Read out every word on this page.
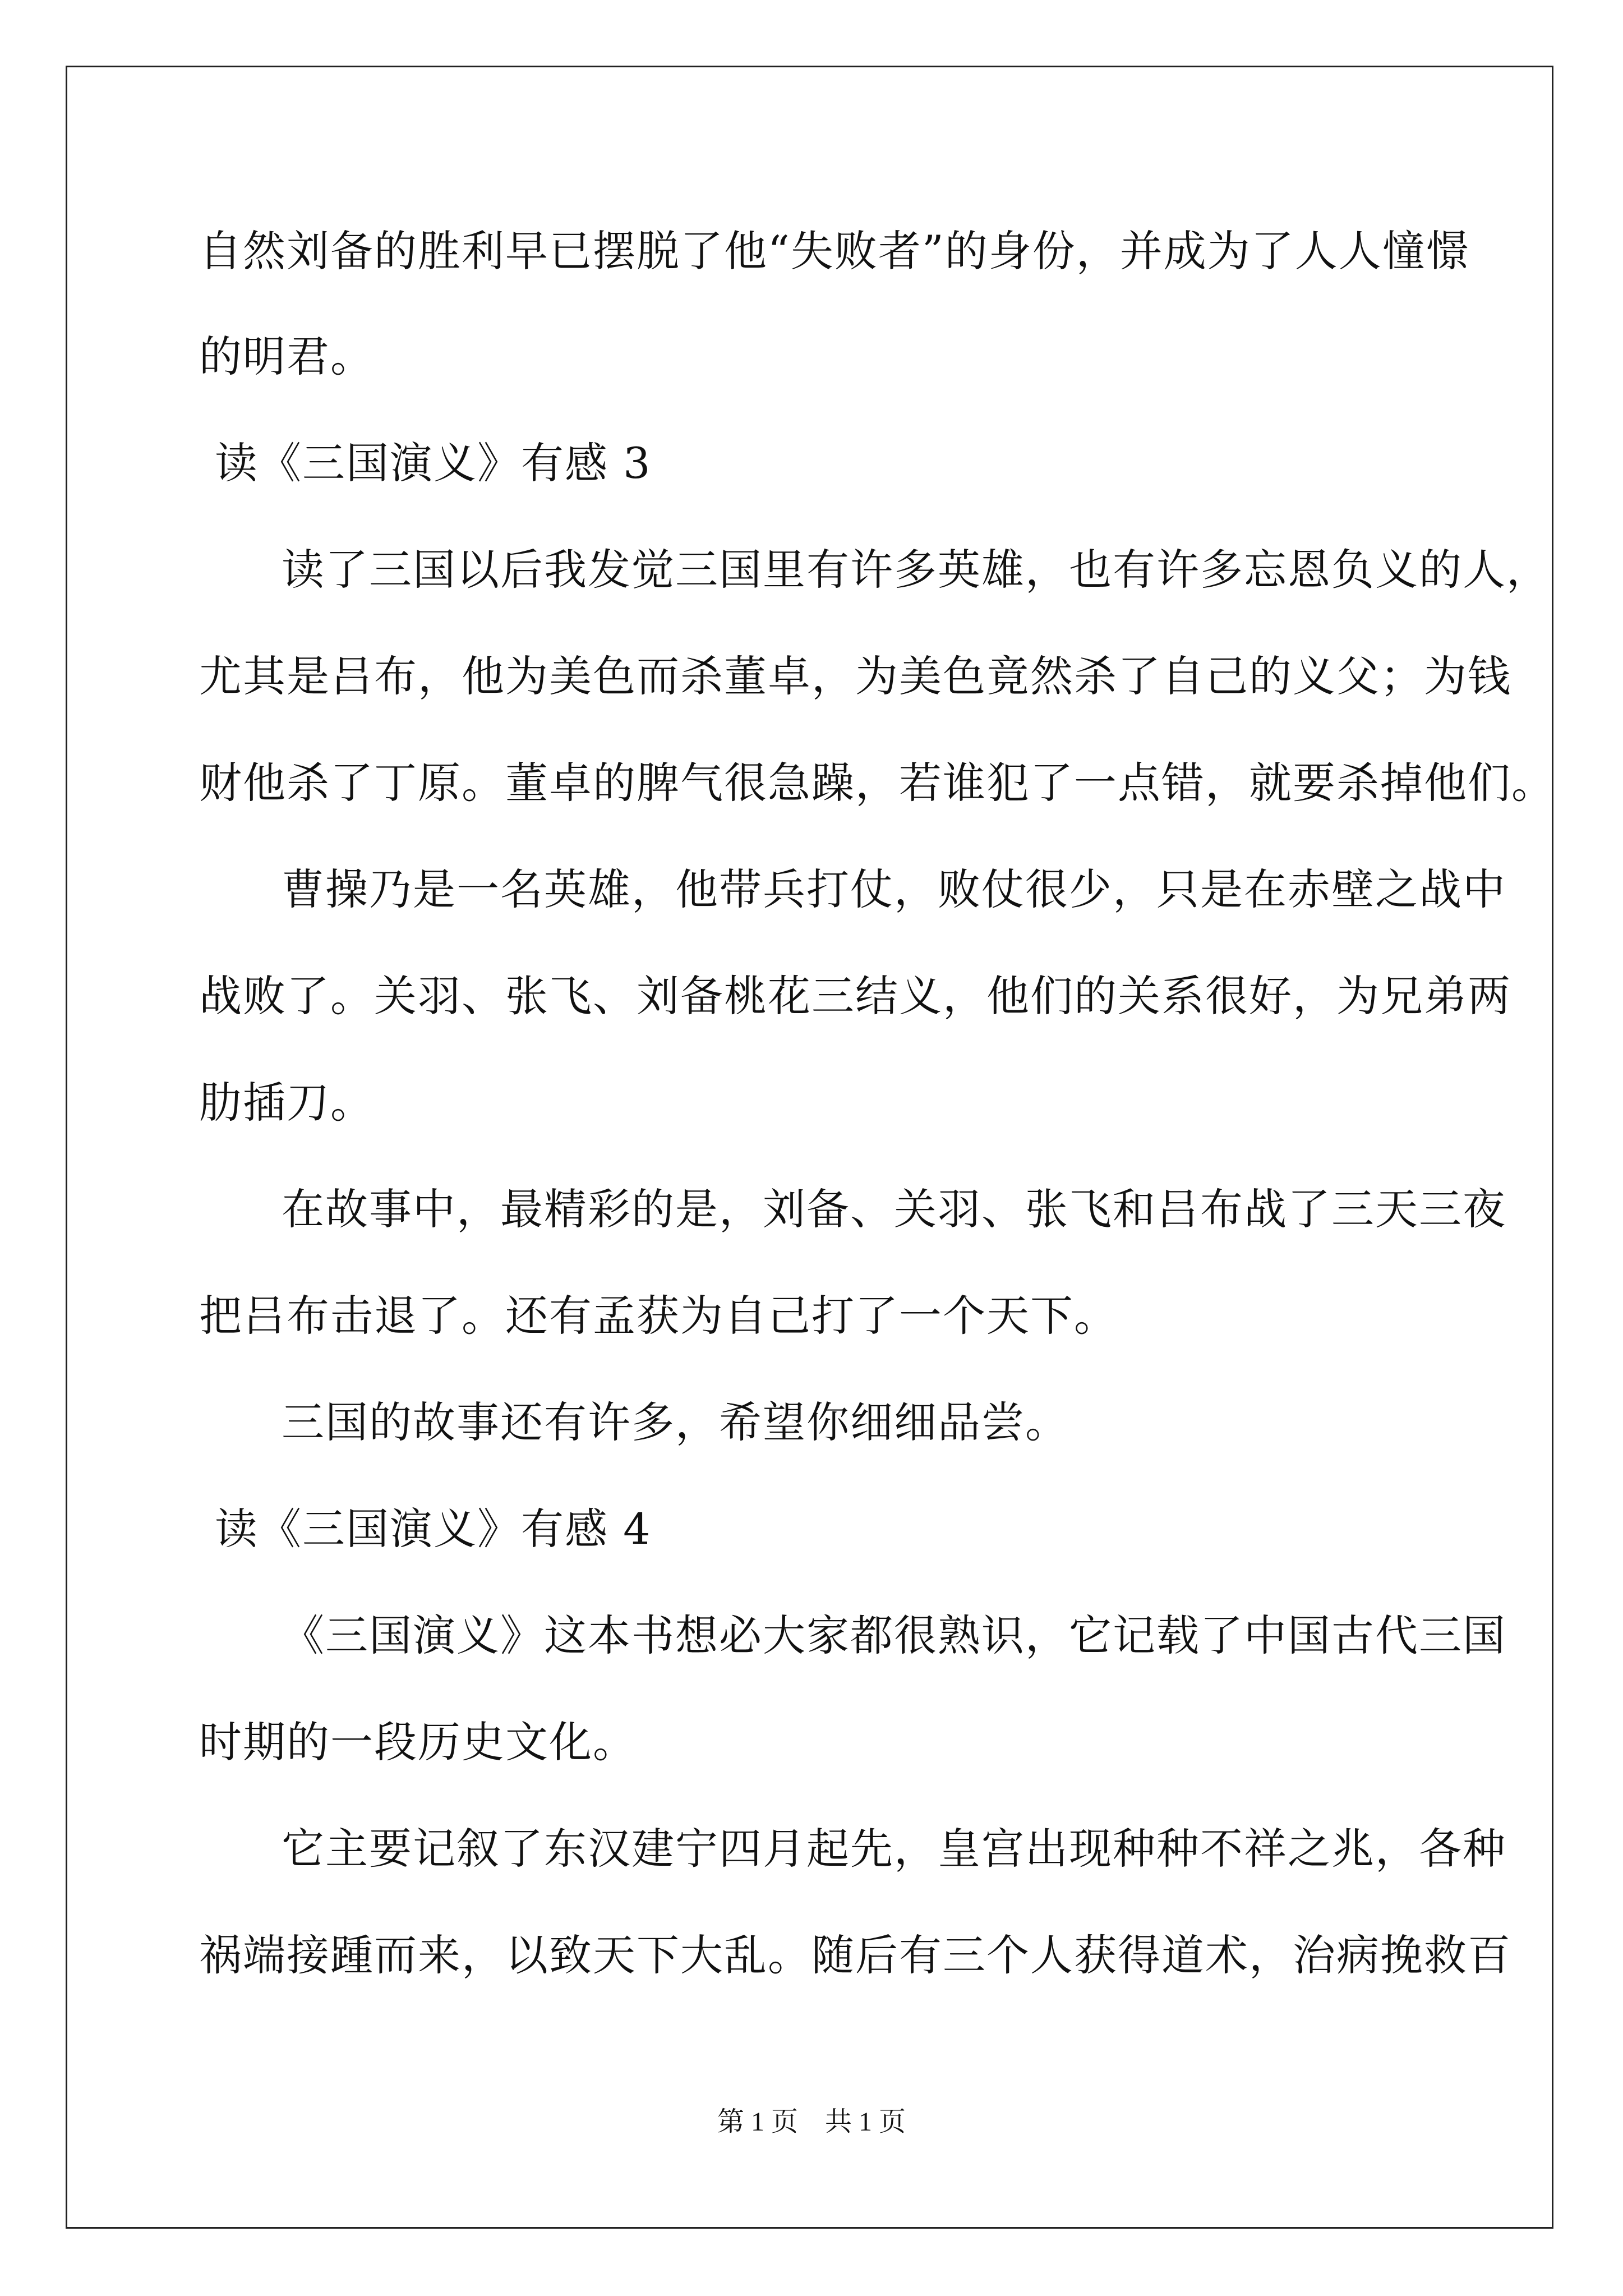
自然刘备的胜利早已摆脱了他“失败者”的身份，并成为了人人憧憬
的明君。
读《三国演义》有感 3
读了三国以后我发觉三国里有许多英雄，也有许多忘恩负义的人，
尤其是吕布，他为美色而杀董卓，为美色竟然杀了自己的义父；为钱
财他杀了丁原。董卓的脾气很急躁，若谁犯了一点错，就要杀掉他们。
曹操乃是一名英雄，他带兵打仗，败仗很少，只是在赤壁之战中
战败了。关羽、张飞、刘备桃花三结义，他们的关系很好，为兄弟两
肋插刀。
在故事中，最精彩的是，刘备、关羽、张飞和吕布战了三天三夜
把吕布击退了。还有孟获为自己打了一个天下。
三国的故事还有许多，希望你细细品尝。
读《三国演义》有感 4
《三国演义》这本书想必大家都很熟识，它记载了中国古代三国
时期的一段历史文化。
它主要记叙了东汉建宁四月起先，皇宫出现种种不祥之兆，各种
祸端接踵而来，以致天下大乱。随后有三个人获得道术，治病挽救百
第 1 页    共 1 页
